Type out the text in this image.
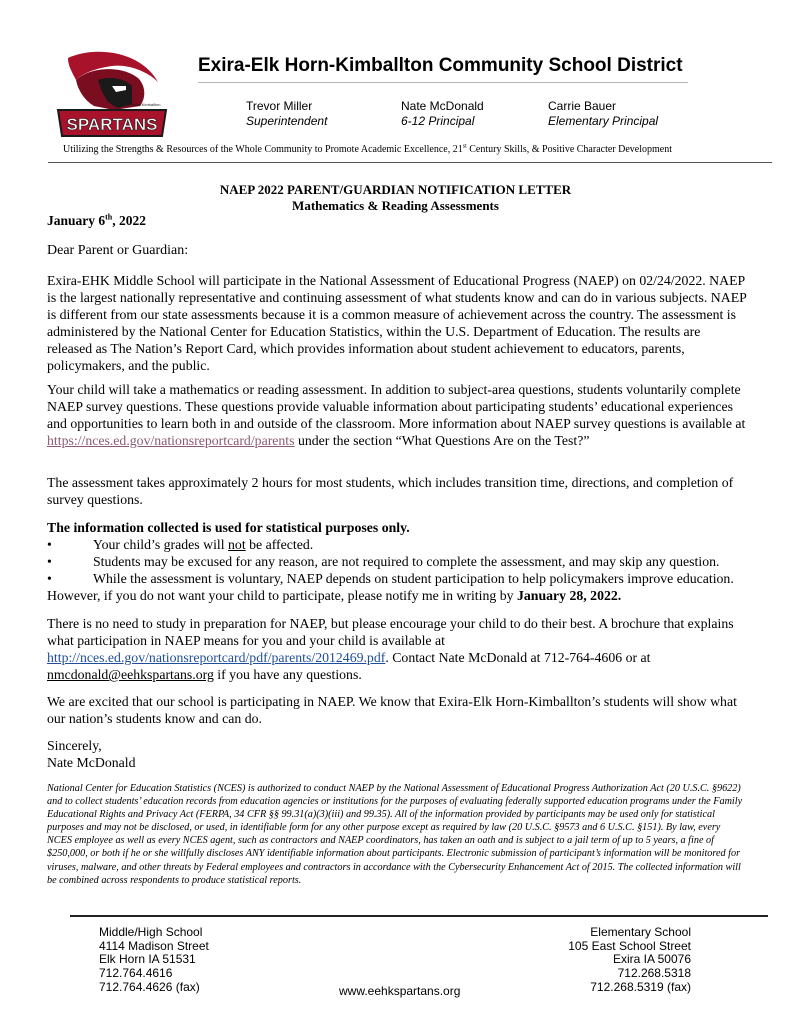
SPARTANS
Exira – Elk Horn-Kimballton
Exira-Elk Horn-Kimballton Community School District
Trevor Miller
Superintendent
Nate McDonald
6-12 Principal
Carrie Bauer
Elementary Principal
Utilizing the Strengths & Resources of the Whole Community to Promote Academic Excellence, 21st Century Skills, & Positive Character Development
NAEP 2022 PARENT/GUARDIAN NOTIFICATION LETTER
Mathematics & Reading Assessments
January 6th, 2022
Dear Parent or Guardian:
Exira-EHK Middle School will participate in the National Assessment of Educational Progress (NAEP) on 02/24/2022. NAEP is the largest nationally representative and continuing assessment of what students know and can do in various subjects. NAEP is different from our state assessments because it is a common measure of achievement across the country. The assessment is administered by the National Center for Education Statistics, within the U.S. Department of Education. The results are released as The Nation’s Report Card, which provides information about student achievement to educators, parents, policymakers, and the public.
Your child will take a mathematics or reading assessment. In addition to subject-area questions, students voluntarily complete NAEP survey questions. These questions provide valuable information about participating students’ educational experiences and opportunities to learn both in and outside of the classroom. More information about NAEP survey questions is available at https://nces.ed.gov/nationsreportcard/parents under the section “What Questions Are on the Test?”
The assessment takes approximately 2 hours for most students, which includes transition time, directions, and completion of survey questions.
The information collected is used for statistical purposes only.
•	Your child’s grades will not be affected.
•	Students may be excused for any reason, are not required to complete the assessment, and may skip any question.
•	While the assessment is voluntary, NAEP depends on student participation to help policymakers improve education. However, if you do not want your child to participate, please notify me in writing by January 28, 2022.
There is no need to study in preparation for NAEP, but please encourage your child to do their best. A brochure that explains what participation in NAEP means for you and your child is available at http://nces.ed.gov/nationsreportcard/pdf/parents/2012469.pdf. Contact Nate McDonald at 712-764-4606 or at nmcdonald@eehkspartans.org if you have any questions.
We are excited that our school is participating in NAEP. We know that Exira-Elk Horn-Kimballton’s students will show what our nation’s students know and can do.
Sincerely,
Nate McDonald
National Center for Education Statistics (NCES) is authorized to conduct NAEP by the National Assessment of Educational Progress Authorization Act (20 U.S.C. §9622) and to collect students’ education records from education agencies or institutions for the purposes of evaluating federally supported education programs under the Family Educational Rights and Privacy Act (FERPA, 34 CFR §§ 99.31(a)(3)(iii) and 99.35). All of the information provided by participants may be used only for statistical purposes and may not be disclosed, or used, in identifiable form for any other purpose except as required by law (20 U.S.C. §9573 and 6 U.S.C. §151). By law, every NCES employee as well as every NCES agent, such as contractors and NAEP coordinators, has taken an oath and is subject to a jail term of up to 5 years, a fine of $250,000, or both if he or she willfully discloses ANY identifiable information about participants. Electronic submission of participant’s information will be monitored for viruses, malware, and other threats by Federal employees and contractors in accordance with the Cybersecurity Enhancement Act of 2015. The collected information will be combined across respondents to produce statistical reports.
Middle/High School
4114 Madison Street
Elk Horn IA 51531
712.764.4616
712.764.4626 (fax)	www.eehkspartans.org
Elementary School
105 East School Street
Exira IA 50076
712.268.5318
712.268.5319 (fax)
